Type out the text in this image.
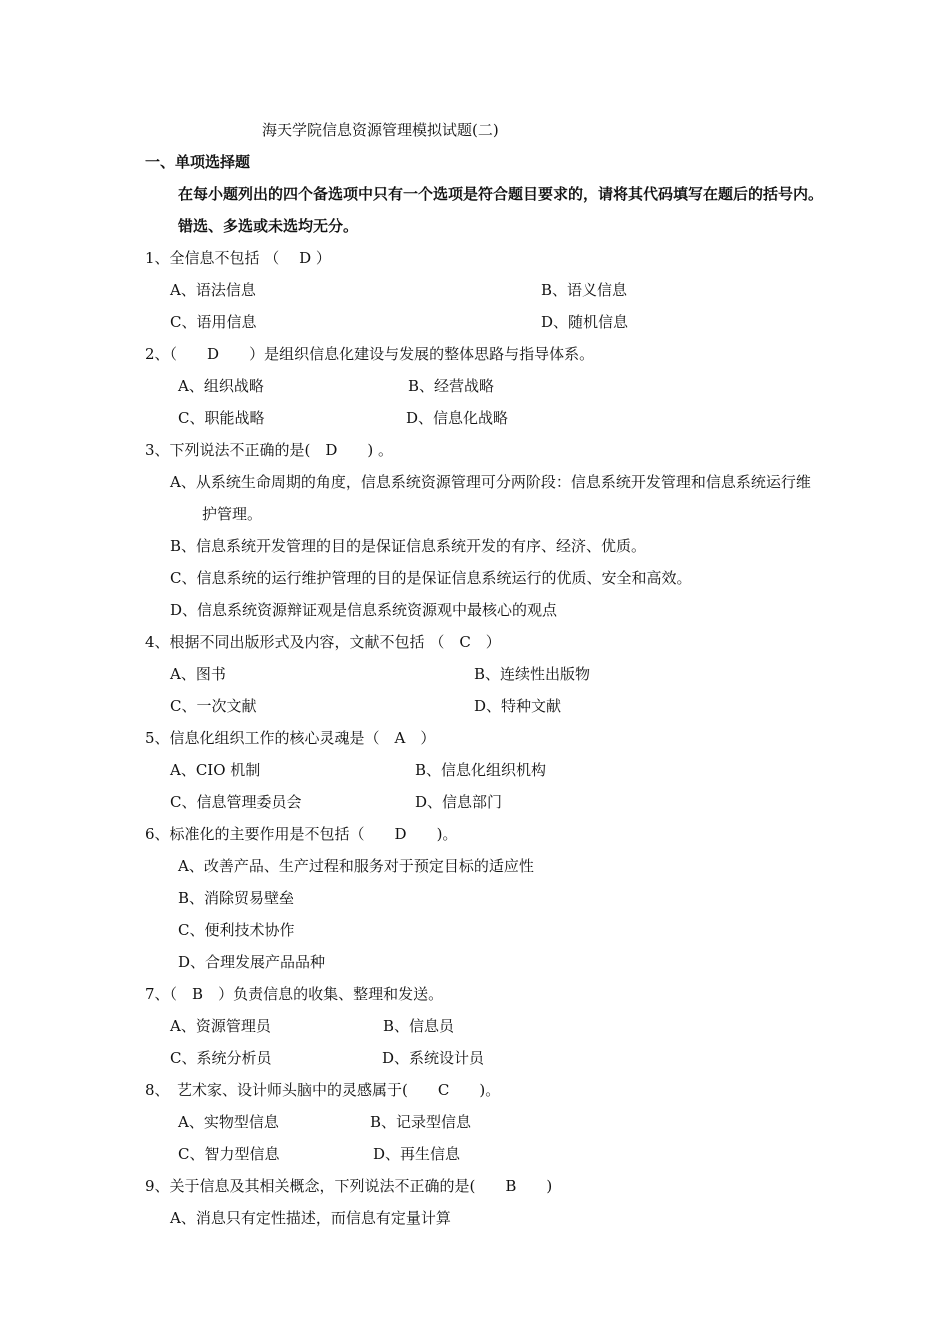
海天学院信息资源管理模拟试题(二)
一、单项选择题
在每小题列出的四个备选项中只有一个选项是符合题目要求的，请将其代码填写在题后的括号内。
错选、多选或未选均无分。
1、全信息不包括 （　 D ）
A、语法信息	B、语义信息
C、语用信息	D、随机信息
2、（　　D　　）是组织信息化建设与发展的整体思路与指导体系。
A、组织战略	B、经营战略
C、职能战略	D、信息化战略
3、下列说法不正确的是(　D　　) 。
A、从系统生命周期的角度，信息系统资源管理可分两阶段：信息系统开发管理和信息系统运行维
护管理。
B、信息系统开发管理的目的是保证信息系统开发的有序、经济、优质。
C、信息系统的运行维护管理的目的是保证信息系统运行的优质、安全和高效。
D、信息系统资源辩证观是信息系统资源观中最核心的观点
4、根据不同出版形式及内容，文献不包括 （　C　）
A、图书	B、连续性出版物
C、一次文献	D、特种文献
5、信息化组织工作的核心灵魂是（　A　）
A、CIO 机制	B、信息化组织机构
C、信息管理委员会	D、信息部门
6、标准化的主要作用是不包括（　　D　　)。
A、改善产品、生产过程和服务对于预定目标的适应性
B、消除贸易壁垒
C、便利技术协作
D、合理发展产品品种
7、（　B　）负责信息的收集、整理和发送。
A、资源管理员	B、信息员
C、系统分析员	D、系统设计员
8、　艺术家、设计师头脑中的灵感属于(　　C　　)。
A、实物型信息	B、记录型信息
C、智力型信息	D、再生信息
9、关于信息及其相关概念，下列说法不正确的是(　　B　　)
A、消息只有定性描述，而信息有定量计算
